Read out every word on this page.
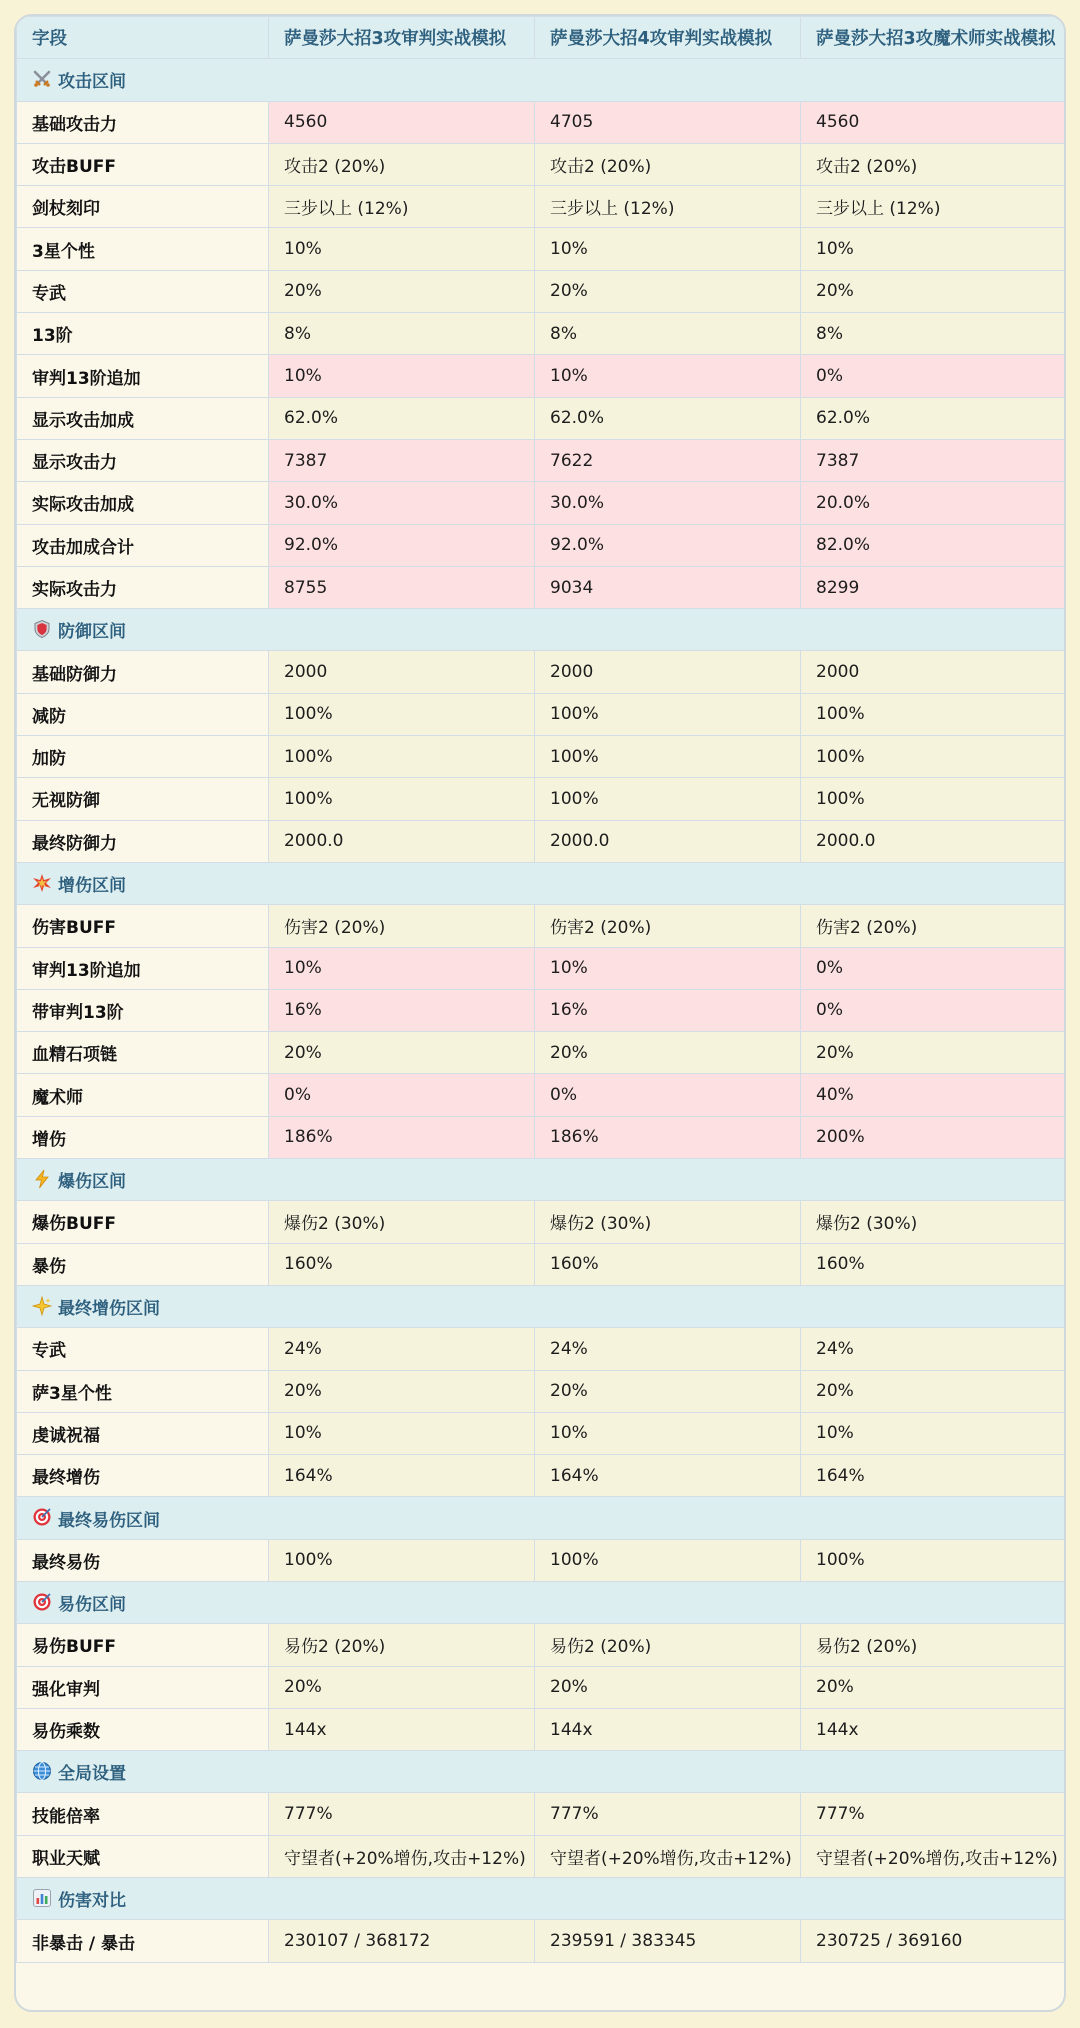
字段	萨曼莎大招3攻审判实战模拟	萨曼莎大招4攻审判实战模拟	萨曼莎大招3攻魔术师实战模拟
攻击区间			
基础攻击力	4560	4705	4560
攻击BUFF	攻击2 (20%)	攻击2 (20%)	攻击2 (20%)
剑杖刻印	三步以上 (12%)	三步以上 (12%)	三步以上 (12%)
3星个性	10%	10%	10%
专武	20%	20%	20%
13阶	8%	8%	8%
审判13阶追加	10%	10%	0%
显示攻击加成	62.0%	62.0%	62.0%
显示攻击力	7387	7622	7387
实际攻击加成	30.0%	30.0%	20.0%
攻击加成合计	92.0%	92.0%	82.0%
实际攻击力	8755	9034	8299
防御区间			
基础防御力	2000	2000	2000
减防	100%	100%	100%
加防	100%	100%	100%
无视防御	100%	100%	100%
最终防御力	2000.0	2000.0	2000.0
增伤区间			
伤害BUFF	伤害2 (20%)	伤害2 (20%)	伤害2 (20%)
审判13阶追加	10%	10%	0%
带审判13阶	16%	16%	0%
血精石项链	20%	20%	20%
魔术师	0%	0%	40%
增伤	186%	186%	200%
爆伤区间			
爆伤BUFF	爆伤2 (30%)	爆伤2 (30%)	爆伤2 (30%)
暴伤	160%	160%	160%
最终增伤区间			
专武	24%	24%	24%
萨3星个性	20%	20%	20%
虔诚祝福	10%	10%	10%
最终增伤	164%	164%	164%
最终易伤区间			
最终易伤	100%	100%	100%
易伤区间			
易伤BUFF	易伤2 (20%)	易伤2 (20%)	易伤2 (20%)
强化审判	20%	20%	20%
易伤乘数	144x	144x	144x
全局设置			
技能倍率	777%	777%	777%
职业天赋	守望者(+20%增伤,攻击+12%)	守望者(+20%增伤,攻击+12%)	守望者(+20%增伤,攻击+12%)
伤害对比			
非暴击 / 暴击	230107 / 368172	239591 / 383345	230725 / 369160
